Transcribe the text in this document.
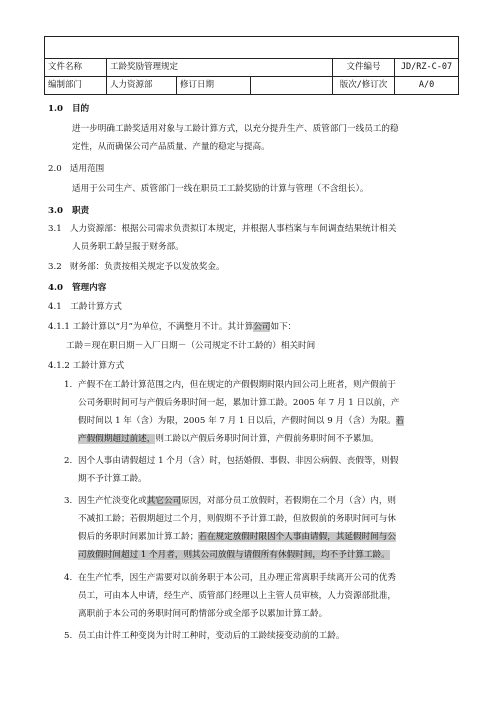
文件名称	工龄奖励管理规定			文件编号	JD/RZ-C-07
编制部门	人力资源部	修订日期		版次/修订次	A/0
1.0 目的
进一步明确工龄奖适用对象与工龄计算方式，以充分提升生产、质管部门一线员工的稳
定性，从而确保公司产品质量、产量的稳定与提高。
2.0 适用范围
适用于公司生产、质管部门一线在职员工工龄奖励的计算与管理（不含组长）。
3.0 职责
3.1 人力资源部：根据公司需求负责拟订本规定，并根据人事档案与车间调查结果统计相关
人员务职工龄呈报于财务部。
3.2 财务部：负责按相关规定予以发放奖金。
4.0 管理内容
4.1　工龄计算方式
4.1.1 工龄计算以“月”为单位，不满整月不计。其计算公司如下：
工龄＝现在职日期－入厂日期－（公司规定不计工龄的）相关时间
4.1.2 工龄计算方式
1. 产假不在工龄计算范围之内，但在规定的产假假期时限内回公司上班者，则产假前于
公司务职时间可与产假后务职时间一起，累加计算工龄。2005 年 7 月 1 日以前，产
假时间以 1 年（含）为限，2005 年 7 月 1 日以后，产假时间以 9 月（含）为限。若
产假假期超过前述，则工龄以产假后务职时间计算，产假前务职时间不予累加。
2. 因个人事由请假超过 1 个月（含）时，包括婚假、事假、非因公病假、丧假等，则假
期不予计算工龄。
3. 因生产忙淡变化或其它公司原因，对部分员工放假时，若假期在二个月（含）内，则
不减扣工龄；若假期超过二个月，则假期不予计算工龄，但放假前的务职时间可与休
假后的务职时间累加计算工龄；若在规定放假时限因个人事由请假，其延假时间与公
司放假时间超过 1 个月者，则其公司放假与请假所有休假时间，均不予计算工龄。
4. 在生产忙季，因生产需要对以前务职于本公司，且办理正常离职手续离开公司的优秀
员工，可由本人申请，经生产、质管部门经理以上主管人员审核，人力资源部批准，
离职前于本公司的务职时间可酌情部分或全部予以累加计算工龄。
5. 员工由计件工种变岗为计时工种时，变动后的工龄续接变动前的工龄。
